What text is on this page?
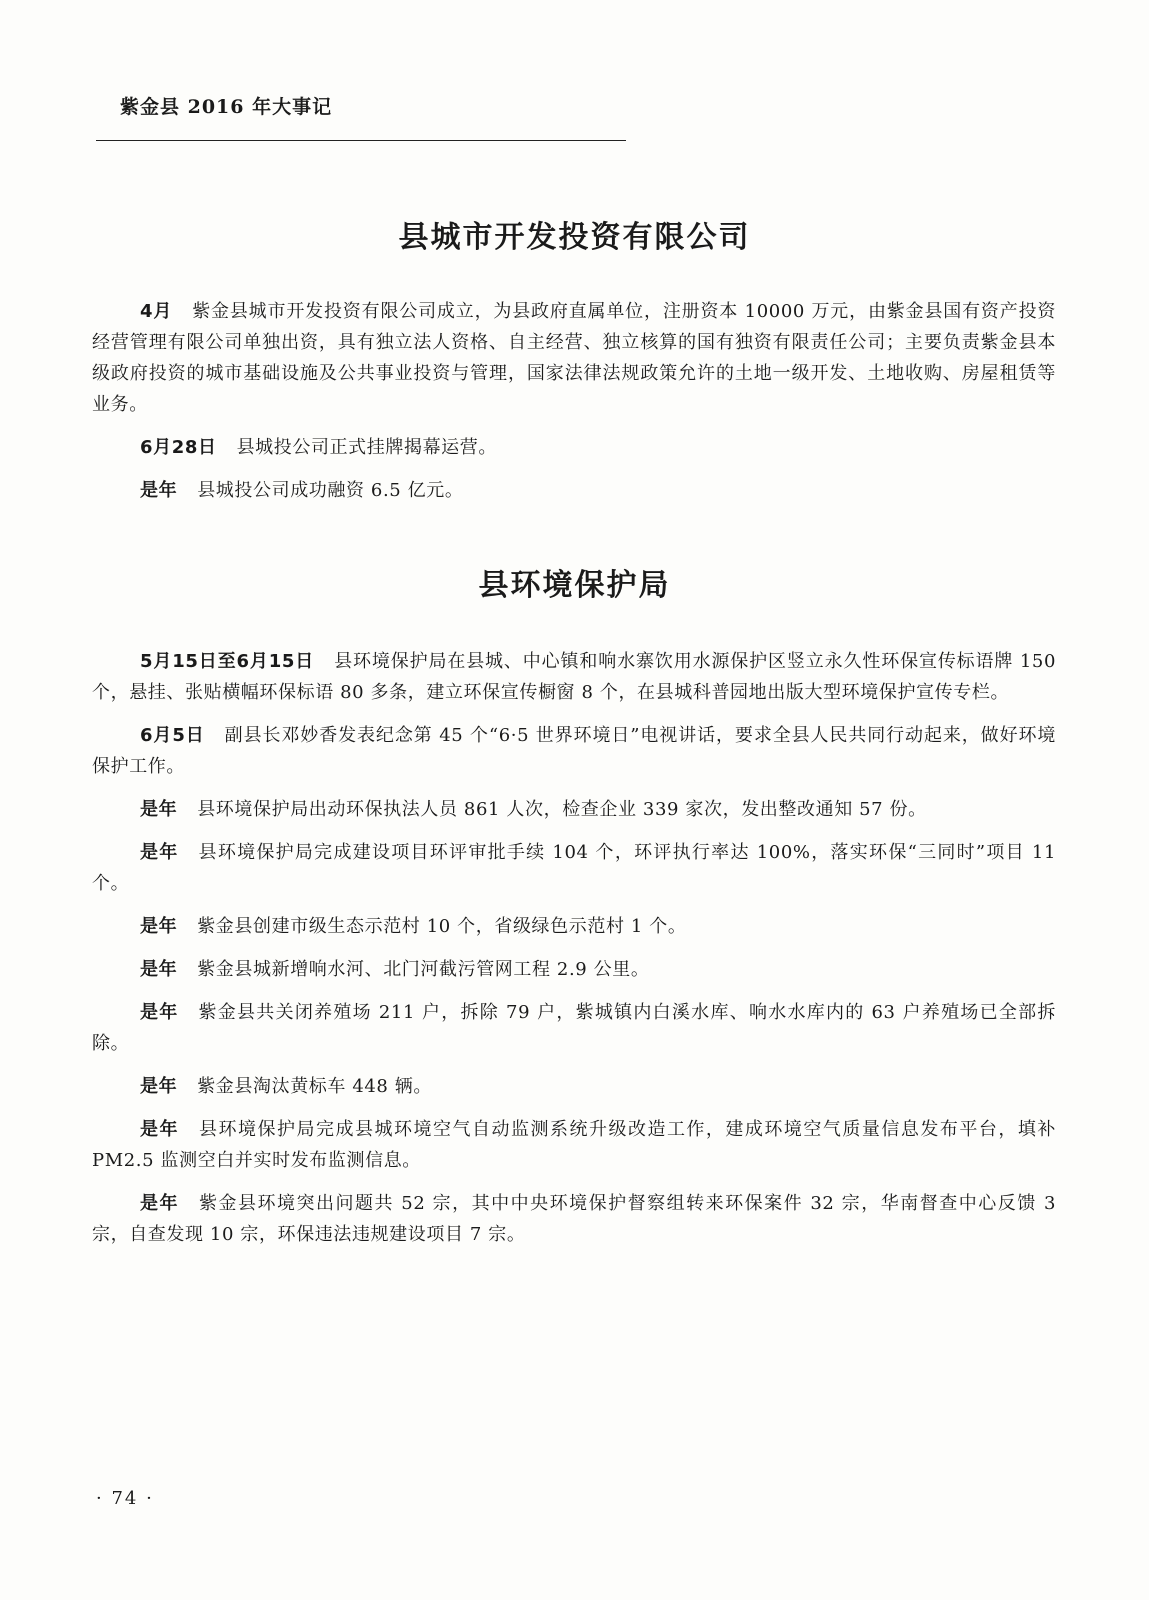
紫金县 2016 年大事记
县城市开发投资有限公司

4月 紫金县城市开发投资有限公司成立，为县政府直属单位，注册资本 10000 万元，由紫金县国有资产投资经营管理有限公司单独出资，具有独立法人资格、自主经营、独立核算的国有独资有限责任公司；主要负责紫金县本级政府投资的城市基础设施及公共事业投资与管理，国家法律法规政策允许的土地一级开发、土地收购、房屋租赁等业务。

6月28日 县城投公司正式挂牌揭幕运营。

是年 县城投公司成功融资 6.5 亿元。

县环境保护局

5月15日至6月15日 县环境保护局在县城、中心镇和响水寨饮用水源保护区竖立永久性环保宣传标语牌 150 个，悬挂、张贴横幅环保标语 80 多条，建立环保宣传橱窗 8 个，在县城科普园地出版大型环境保护宣传专栏。

6月5日 副县长邓妙香发表纪念第 45 个“6·5 世界环境日”电视讲话，要求全县人民共同行动起来，做好环境保护工作。

是年 县环境保护局出动环保执法人员 861 人次，检查企业 339 家次，发出整改通知 57 份。

是年 县环境保护局完成建设项目环评审批手续 104 个，环评执行率达 100%，落实环保“三同时”项目 11 个。

是年 紫金县创建市级生态示范村 10 个，省级绿色示范村 1 个。

是年 紫金县城新增响水河、北门河截污管网工程 2.9 公里。

是年 紫金县共关闭养殖场 211 户，拆除 79 户，紫城镇内白溪水库、响水水库内的 63 户养殖场已全部拆除。

是年 紫金县淘汰黄标车 448 辆。

是年 县环境保护局完成县城环境空气自动监测系统升级改造工作，建成环境空气质量信息发布平台，填补 PM2.5 监测空白并实时发布监测信息。

是年 紫金县环境突出问题共 52 宗，其中中央环境保护督察组转来环保案件 32 宗，华南督查中心反馈 3 宗，自查发现 10 宗，环保违法违规建设项目 7 宗。

· 74 ·
